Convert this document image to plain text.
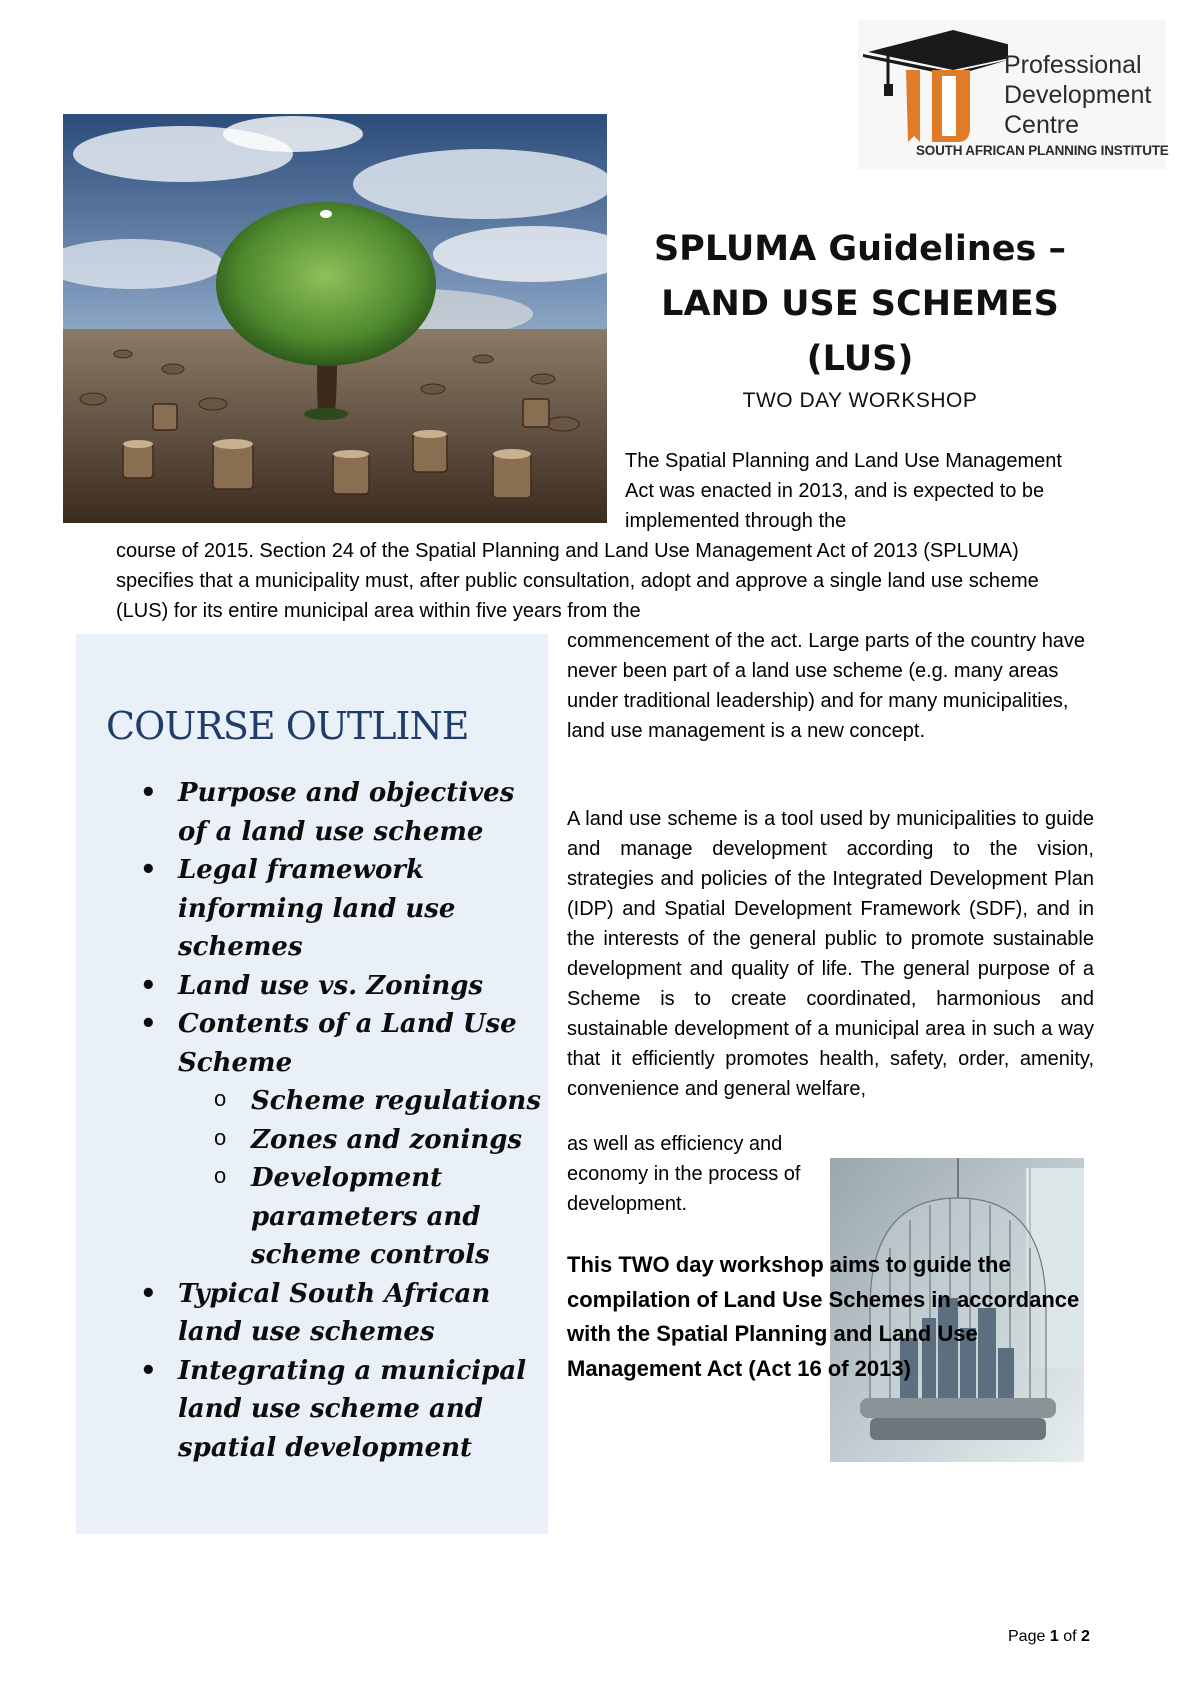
Professional
Development
Centre
SOUTH AFRICAN PLANNING INSTITUTE
SPLUMA Guidelines – LAND USE SCHEMES (LUS)
TWO DAY WORKSHOP
The Spatial Planning and Land Use Management Act was enacted in 2013, and is expected to be implemented through the
course of 2015. Section 24 of the Spatial Planning and Land Use Management Act of 2013 (SPLUMA) specifies that a municipality must, after public consultation, adopt and approve a single land use scheme (LUS) for its entire municipal area within five years from the
commencement of the act. Large parts of the country have never been part of a land use scheme (e.g. many areas under traditional leadership) and for many municipalities, land use management is a new concept.
COURSE OUTLINE
• Purpose and objectives of a land use scheme
• Legal framework informing land use schemes
• Land use vs. Zonings
• Contents of a Land Use Scheme
o Scheme regulations
o Zones and zonings
o Development parameters and scheme controls
• Typical South African land use schemes
• Integrating a municipal land use scheme and spatial development
A land use scheme is a tool used by municipalities to guide and manage development according to the vision, strategies and policies of the Integrated Development Plan (IDP) and Spatial Development Framework (SDF), and in the interests of the general public to promote sustainable development and quality of life. The general purpose of a Scheme is to create coordinated, harmonious and sustainable development of a municipal area in such a way that it efficiently promotes health, safety, order, amenity, convenience and general welfare,
as well as efficiency and economy in the process of development.
This TWO day workshop aims to guide the compilation of Land Use Schemes in accordance with the Spatial Planning and Land Use Management Act (Act 16 of 2013)
Page 1 of 2
